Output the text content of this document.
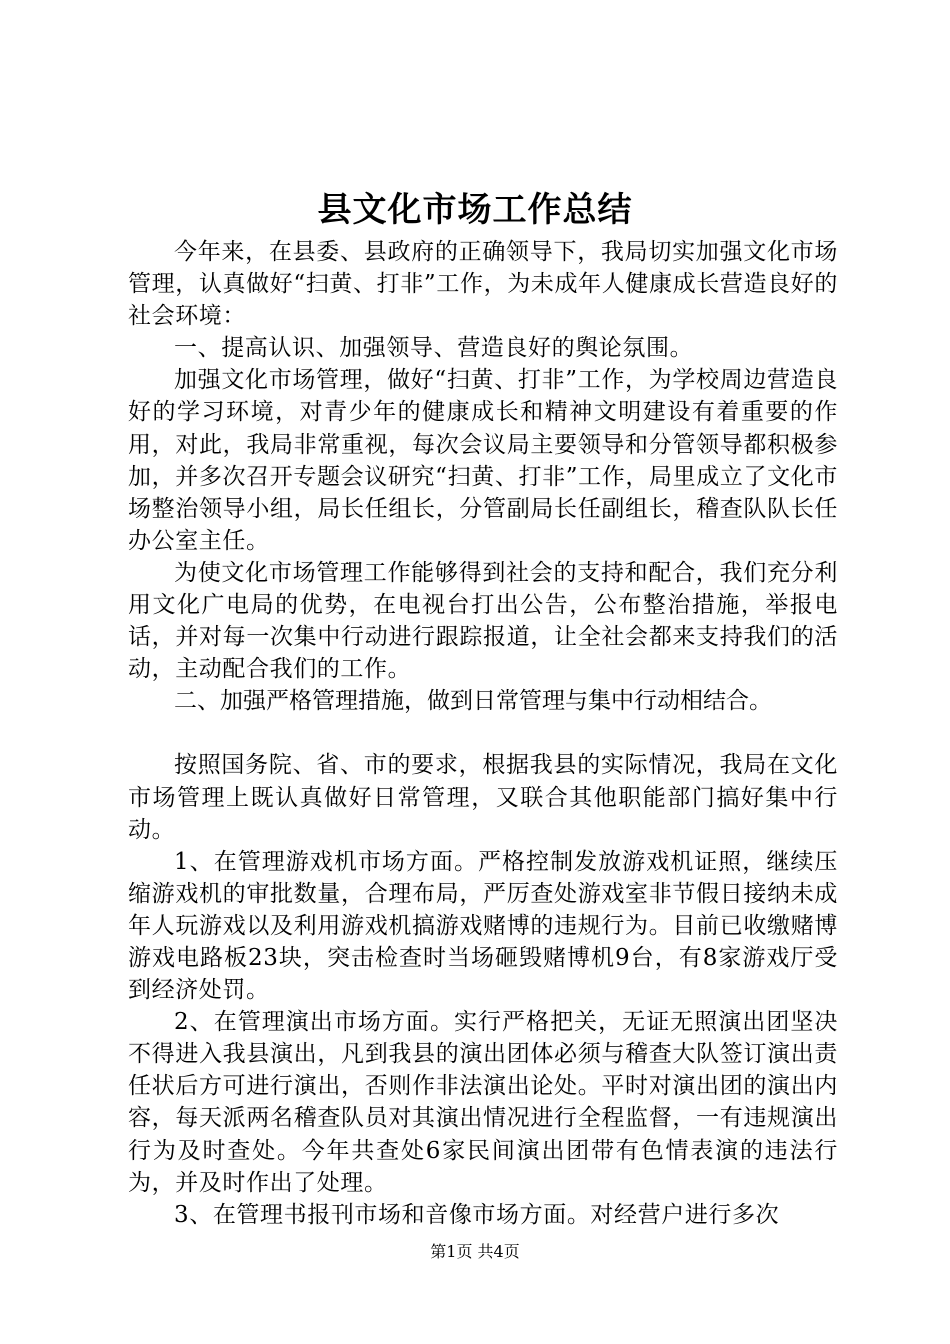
县文化市场工作总结

今年来，在县委、县政府的正确领导下，我局切实加强文化市场管理，认真做好“扫黄、打非”工作，为未成年人健康成长营造良好的社会环境：

一、提高认识、加强领导、营造良好的舆论氛围。

加强文化市场管理，做好“扫黄、打非”工作，为学校周边营造良好的学习环境，对青少年的健康成长和精神文明建设有着重要的作用，对此，我局非常重视，每次会议局主要领导和分管领导都积极参加，并多次召开专题会议研究“扫黄、打非”工作，局里成立了文化市场整治领导小组，局长任组长，分管副局长任副组长，稽查队队长任办公室主任。

为使文化市场管理工作能够得到社会的支持和配合，我们充分利用文化广电局的优势，在电视台打出公告，公布整治措施，举报电话，并对每一次集中行动进行跟踪报道，让全社会都来支持我们的活动，主动配合我们的工作。

二、加强严格管理措施，做到日常管理与集中行动相结合。

按照国务院、省、市的要求，根据我县的实际情况，我局在文化市场管理上既认真做好日常管理，又联合其他职能部门搞好集中行动。

1、在管理游戏机市场方面。严格控制发放游戏机证照，继续压缩游戏机的审批数量，合理布局，严厉查处游戏室非节假日接纳未成年人玩游戏以及利用游戏机搞游戏赌博的违规行为。目前已收缴赌博游戏电路板23块，突击检查时当场砸毁赌博机9台，有8家游戏厅受到经济处罚。

2、在管理演出市场方面。实行严格把关，无证无照演出团坚决不得进入我县演出，凡到我县的演出团体必须与稽查大队签订演出责任状后方可进行演出，否则作非法演出论处。平时对演出团的演出内容，每天派两名稽查队员对其演出情况进行全程监督，一有违规演出行为及时查处。今年共查处6家民间演出团带有色情表演的违法行为，并及时作出了处理。

3、在管理书报刊市场和音像市场方面。对经营户进行多次

第1页 共4页
